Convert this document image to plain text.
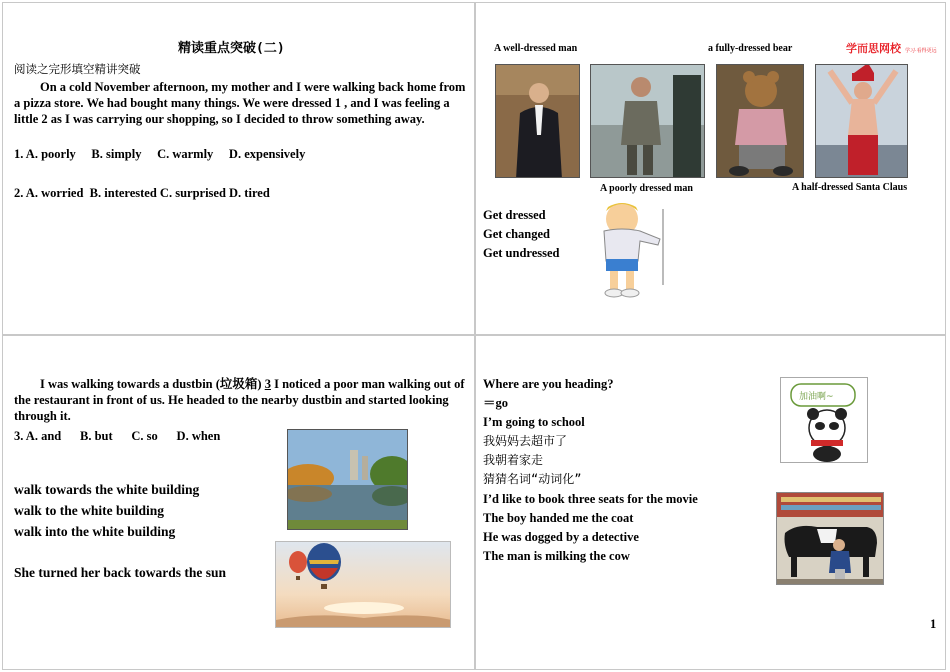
精读重点突破(二)
阅读之完形填空精讲突破
On a cold November afternoon, my mother and I were walking back home from a pizza store. We had bought many things. We were dressed 1 , and I was feeling a little 2 as I was carrying our shopping, so I decided to throw something away.
1. A. poorly     B. simply     C. warmly     D. expensively
2. A. worried  B. interested C. surprised D. tired
A well-dressed man	a fully-dressed bear	学而思网校 学习·看得更远
A poorly dressed man	A half-dressed Santa Claus
Get dressed
Get changed
Get undressed
I was walking towards a dustbin (垃圾箱) 3 I noticed a poor man walking out of the restaurant in front of us. He headed to the nearby dustbin and started looking through it.
3. A. and      B. but      C. so      D. when
walk towards the white building
walk to the white building
walk into the white building
She turned her back towards the sun
Where are you heading?
＝go
I’m going to school
我妈妈去超市了
我朝着家走
猜猜名词“动词化”
I’d like to book three seats for the movie
The boy handed me the coat
He was dogged by a detective
The man is milking the cow
加油啊~
1
